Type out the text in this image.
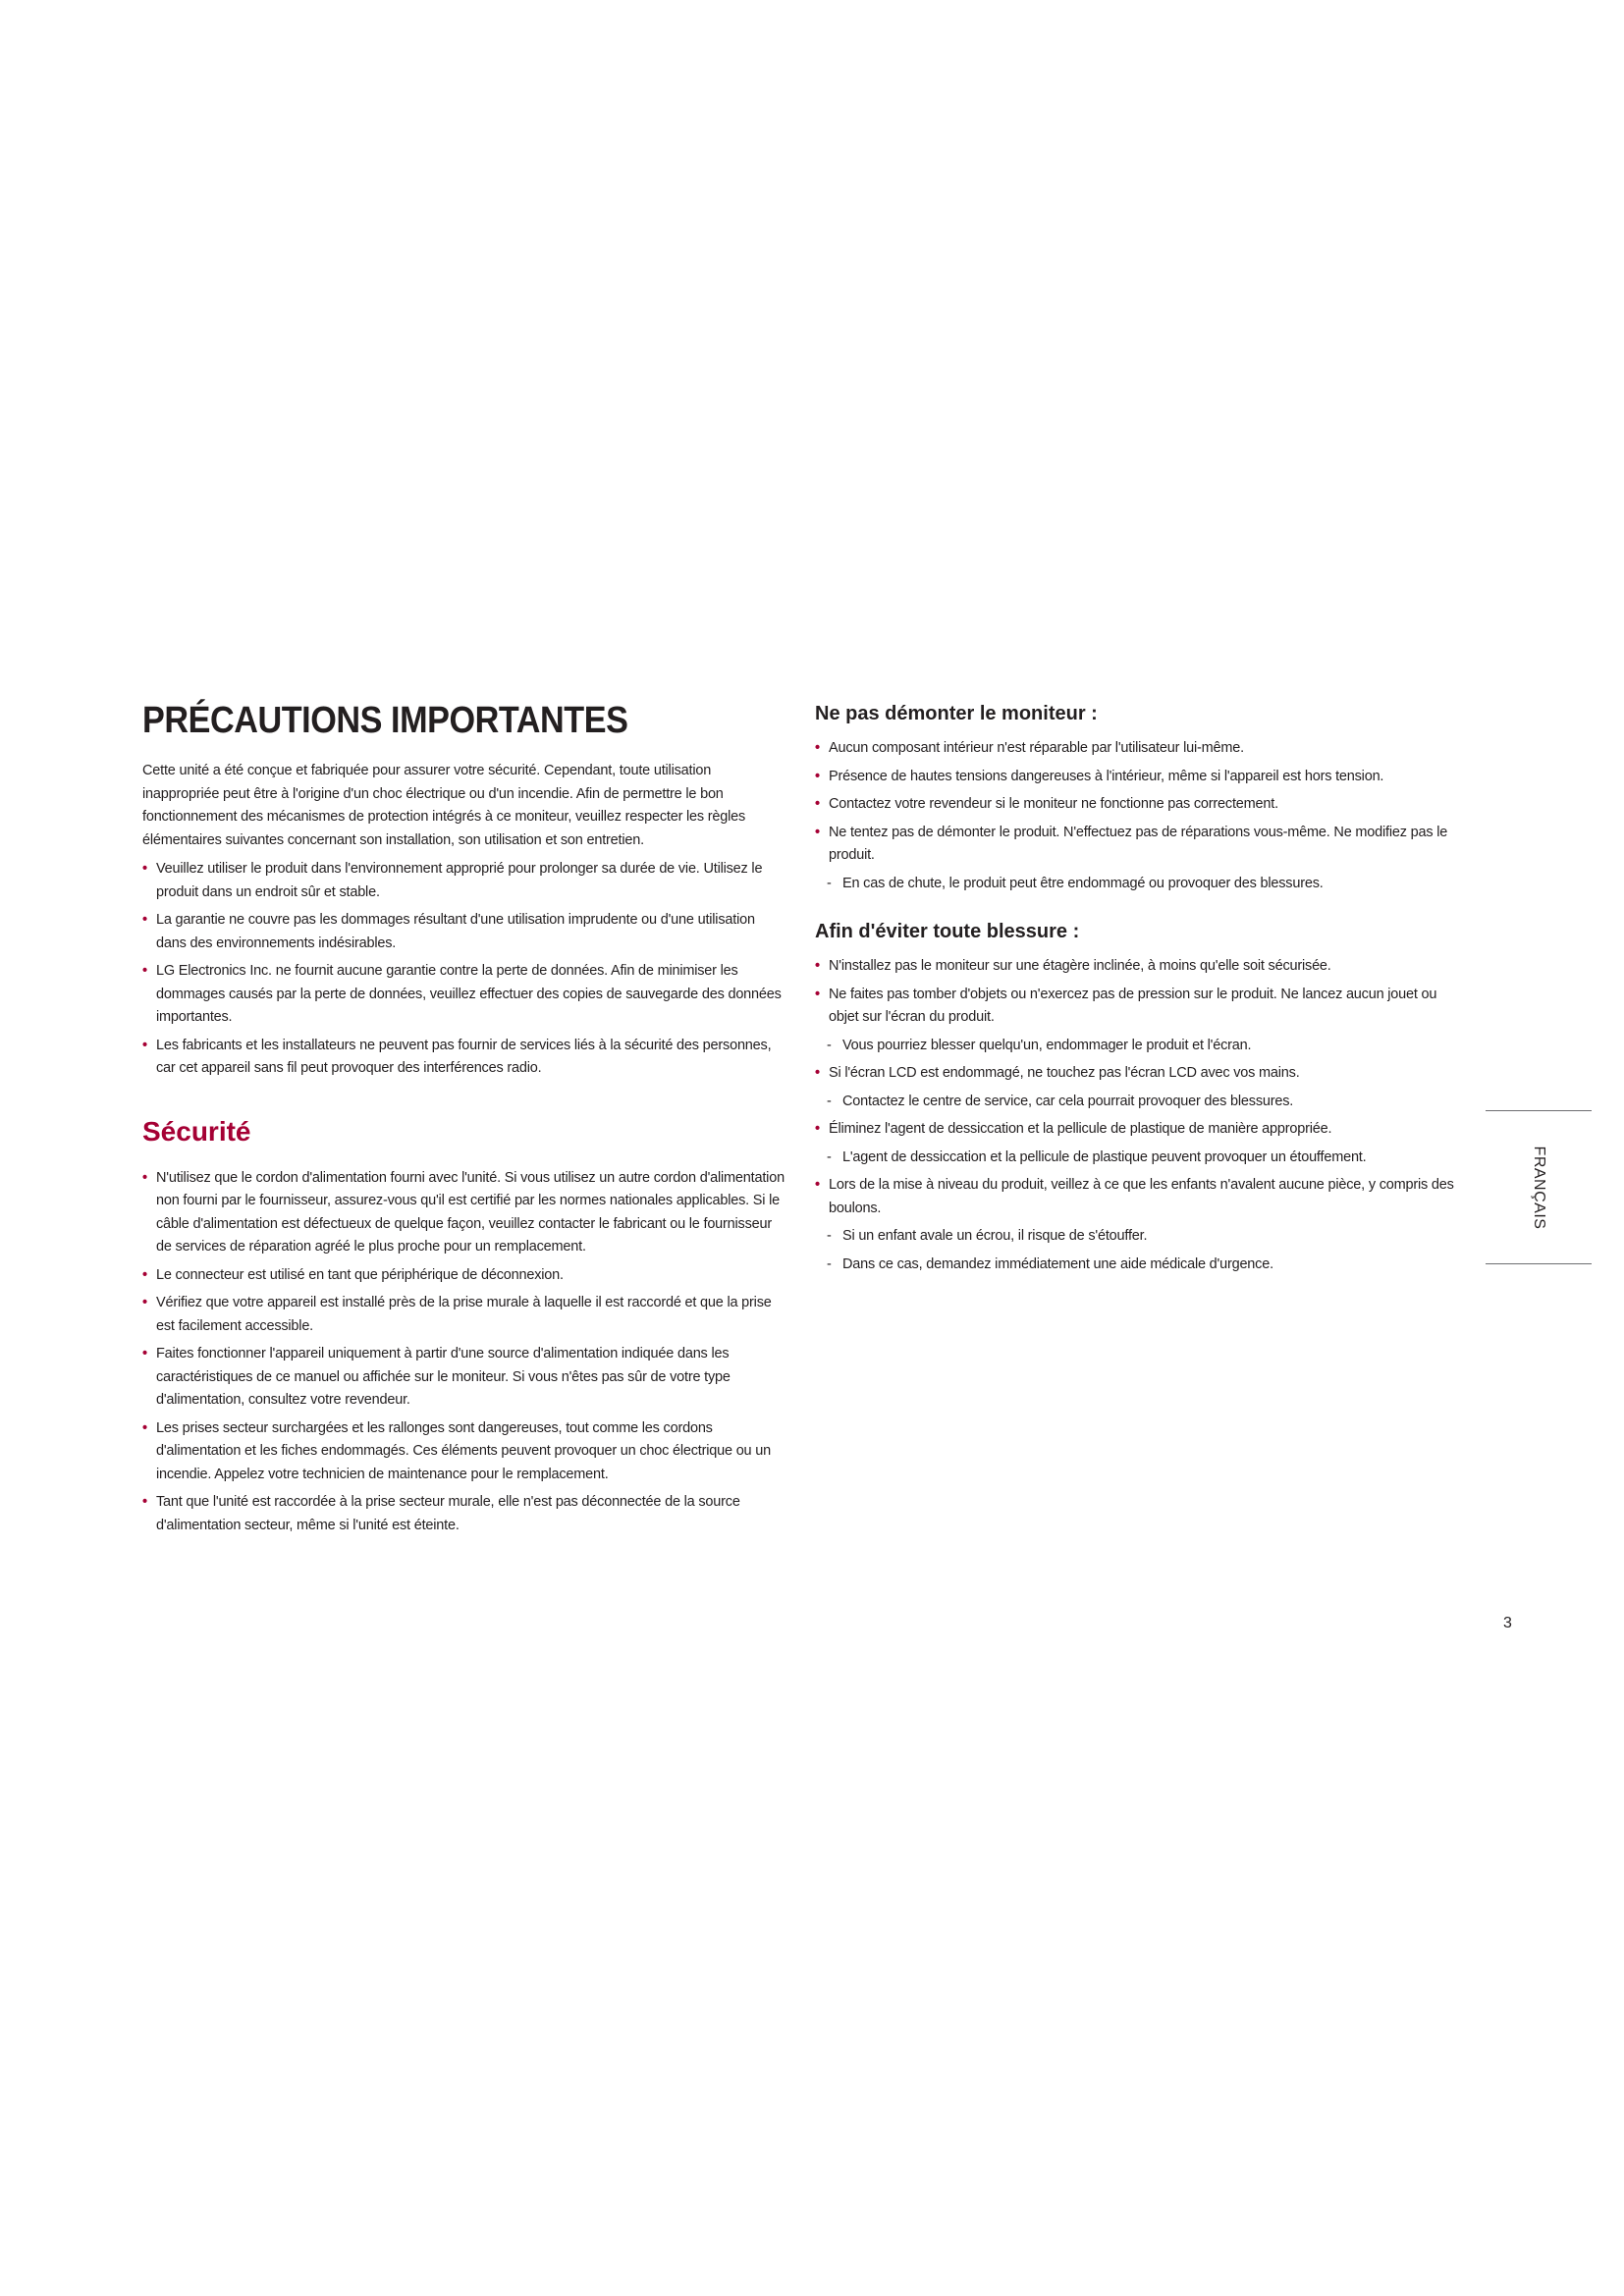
PRÉCAUTIONS IMPORTANTES

Cette unité a été conçue et fabriquée pour assurer votre sécurité. Cependant, toute utilisation inappropriée peut être à l'origine d'un choc électrique ou d'un incendie. Afin de permettre le bon fonctionnement des mécanismes de protection intégrés à ce moniteur, veuillez respecter les règles élémentaires suivantes concernant son installation, son utilisation et son entretien.

• Veuillez utiliser le produit dans l'environnement approprié pour prolonger sa durée de vie. Utilisez le produit dans un endroit sûr et stable.
• La garantie ne couvre pas les dommages résultant d'une utilisation imprudente ou d'une utilisation dans des environnements indésirables.
• LG Electronics Inc. ne fournit aucune garantie contre la perte de données. Afin de minimiser les dommages causés par la perte de données, veuillez effectuer des copies de sauvegarde des données importantes.
• Les fabricants et les installateurs ne peuvent pas fournir de services liés à la sécurité des personnes, car cet appareil sans fil peut provoquer des interférences radio.
Sécurité
• N'utilisez que le cordon d'alimentation fourni avec l'unité. Si vous utilisez un autre cordon d'alimentation non fourni par le fournisseur, assurez-vous qu'il est certifié par les normes nationales applicables. Si le câble d'alimentation est défectueux de quelque façon, veuillez contacter le fabricant ou le fournisseur de services de réparation agréé le plus proche pour un remplacement.
• Le connecteur est utilisé en tant que périphérique de déconnexion.
• Vérifiez que votre appareil est installé près de la prise murale à laquelle il est raccordé et que la prise est facilement accessible.
• Faites fonctionner l'appareil uniquement à partir d'une source d'alimentation indiquée dans les caractéristiques de ce manuel ou affichée sur le moniteur. Si vous n'êtes pas sûr de votre type d'alimentation, consultez votre revendeur.
• Les prises secteur surchargées et les rallonges sont dangereuses, tout comme les cordons d'alimentation et les fiches endommagés. Ces éléments peuvent provoquer un choc électrique ou un incendie. Appelez votre technicien de maintenance pour le remplacement.
• Tant que l'unité est raccordée à la prise secteur murale, elle n'est pas déconnectée de la source d'alimentation secteur, même si l'unité est éteinte.
Ne pas démonter le moniteur :
• Aucun composant intérieur n'est réparable par l'utilisateur lui-même.
• Présence de hautes tensions dangereuses à l'intérieur, même si l'appareil est hors tension.
• Contactez votre revendeur si le moniteur ne fonctionne pas correctement.
• Ne tentez pas de démonter le produit. N'effectuez pas de réparations vous-même. Ne modifiez pas le produit.
- En cas de chute, le produit peut être endommagé ou provoquer des blessures.
Afin d'éviter toute blessure :
• N'installez pas le moniteur sur une étagère inclinée, à moins qu'elle soit sécurisée.
• Ne faites pas tomber d'objets ou n'exercez pas de pression sur le produit. Ne lancez aucun jouet ou objet sur l'écran du produit.
- Vous pourriez blesser quelqu'un, endommager le produit et l'écran.
• Si l'écran LCD est endommagé, ne touchez pas l'écran LCD avec vos mains.
- Contactez le centre de service, car cela pourrait provoquer des blessures.
• Éliminez l'agent de dessiccation et la pellicule de plastique de manière appropriée.
- L'agent de dessiccation et la pellicule de plastique peuvent provoquer un étouffement.
• Lors de la mise à niveau du produit, veillez à ce que les enfants n'avalent aucune pièce, y compris des boulons.
- Si un enfant avale un écrou, il risque de s'étouffer.
- Dans ce cas, demandez immédiatement une aide médicale d'urgence.
FRANÇAIS
3
